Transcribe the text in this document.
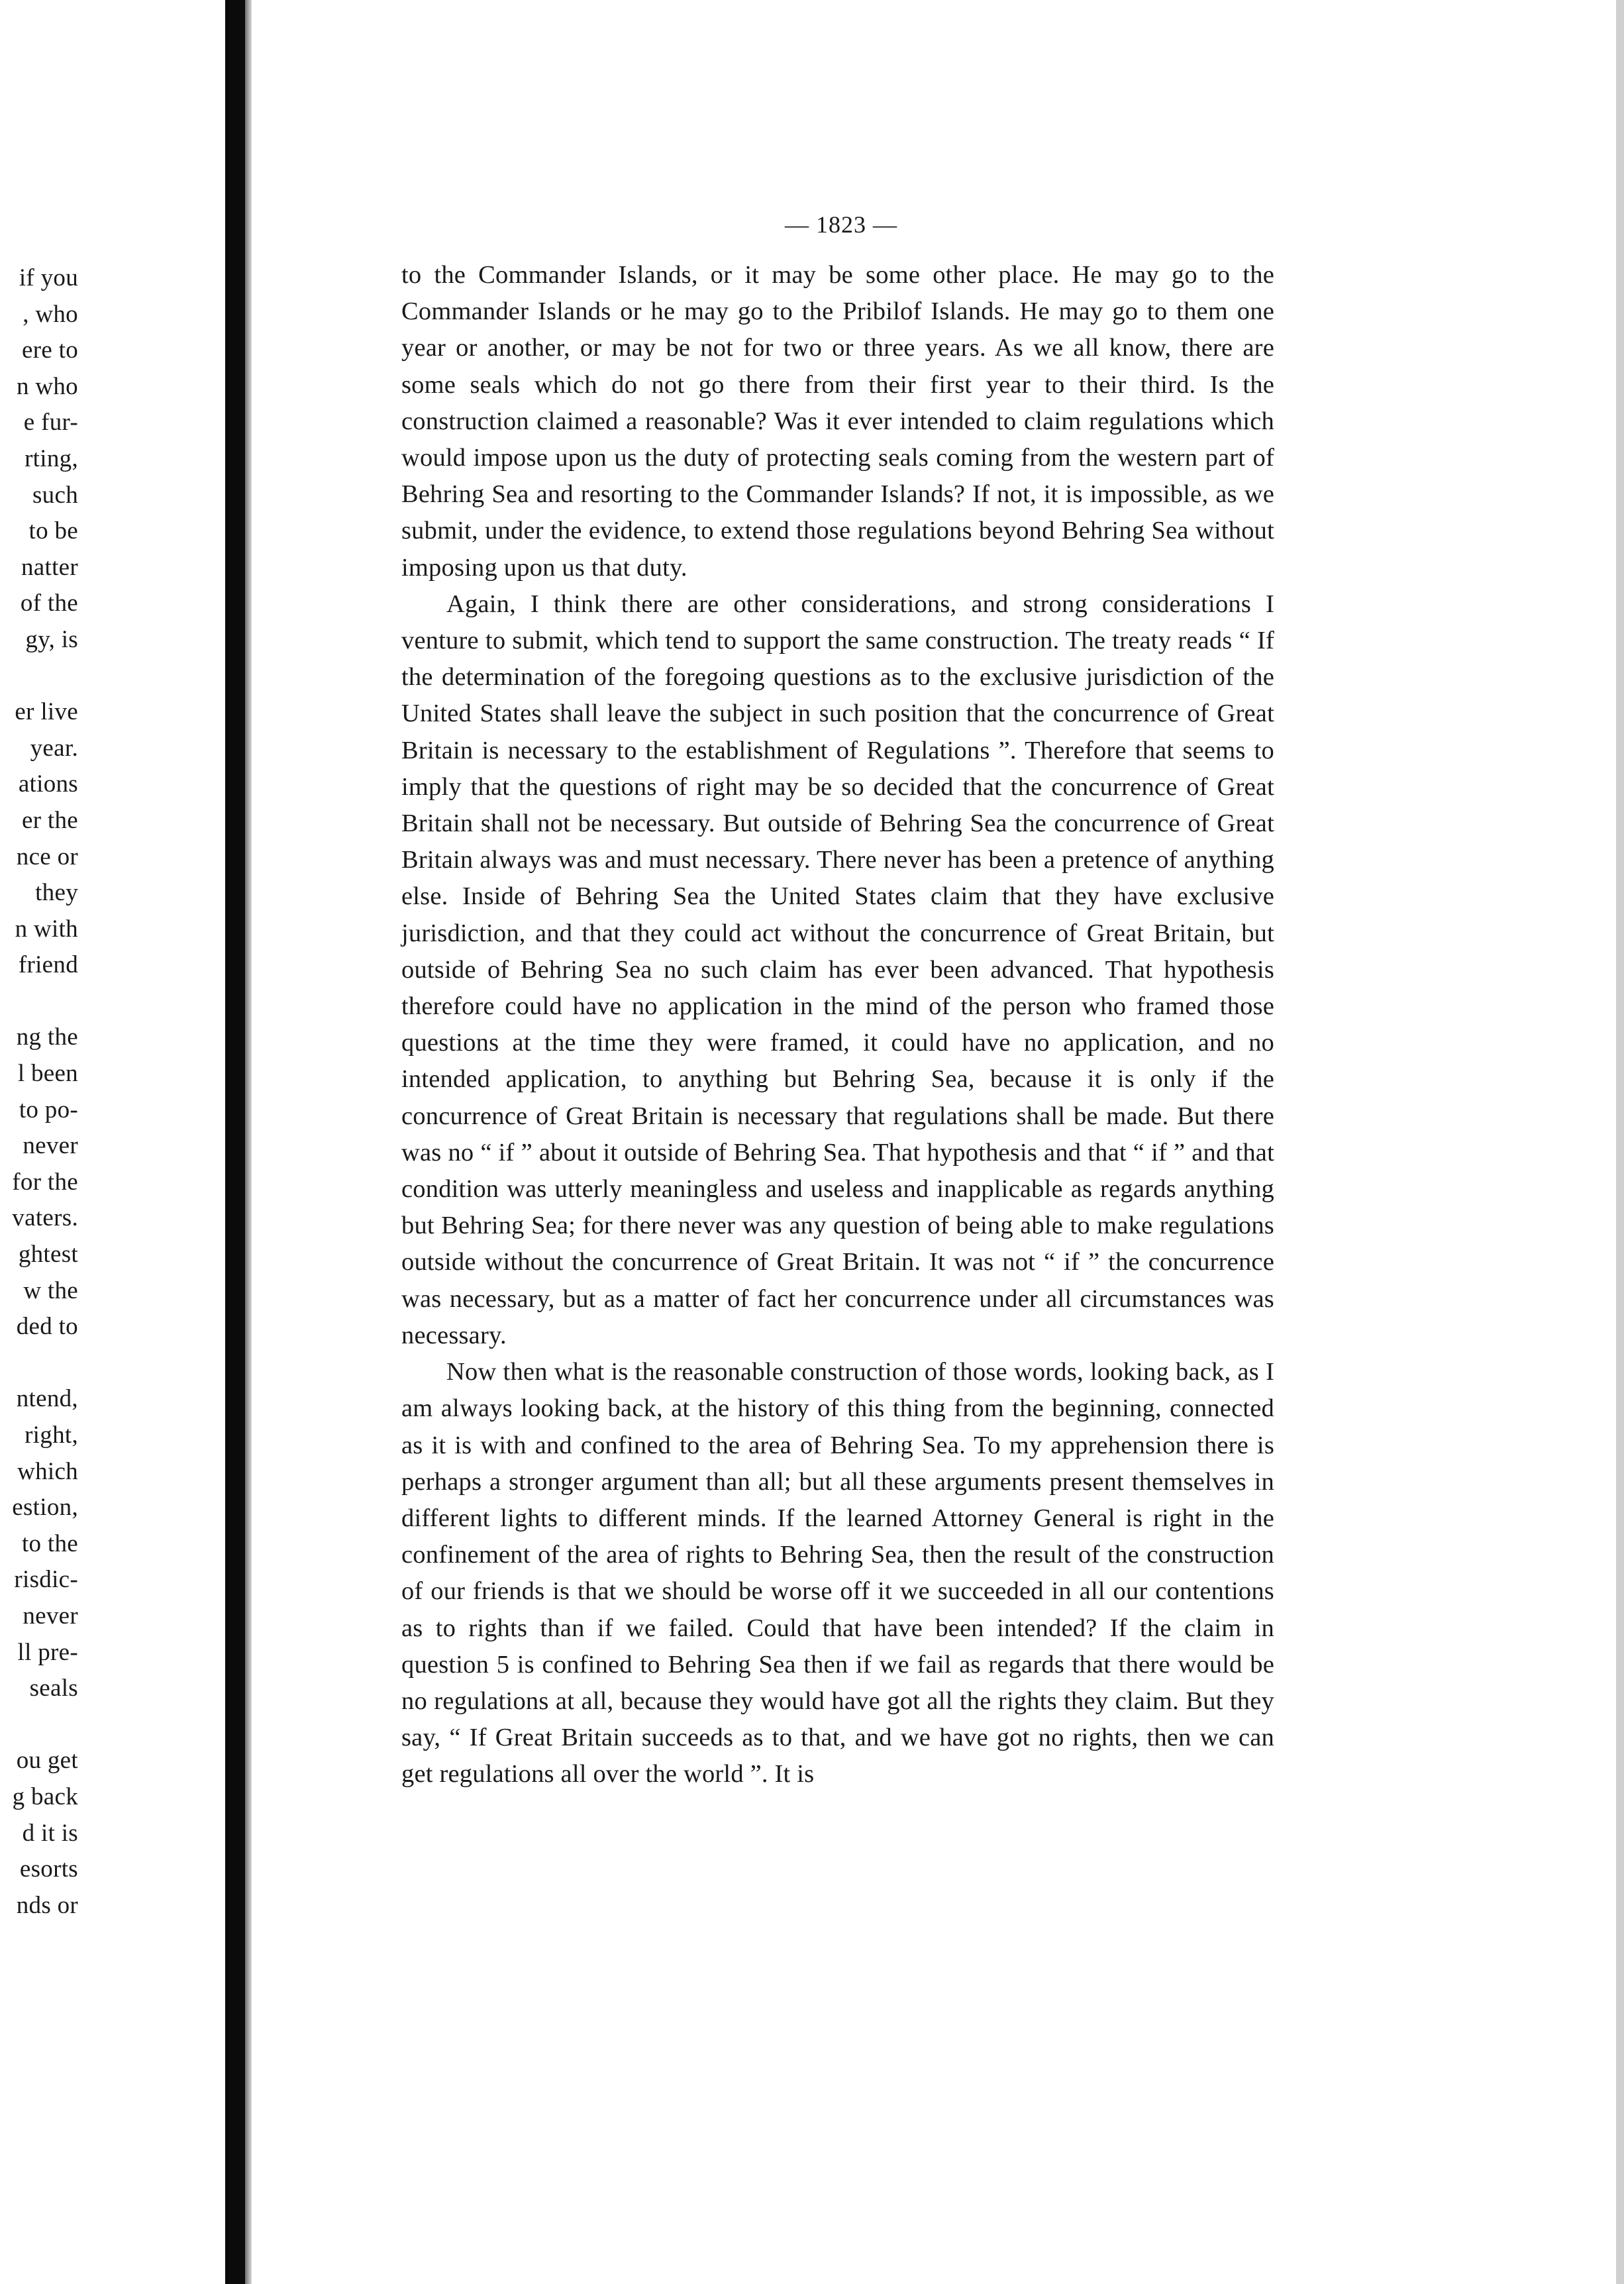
if you
, who
ere to
n who
e fur-
rting,
such
to be
natter
of the
gy, is
er live
year.
ations
er the
nce or
they
n with
friend
ng the
l been
to po-
never
for the
vaters.
ghtest
w the
ded to
ntend,
right,
which
estion,
to the
risdic-
never
ll pre-
seals
ou get
g back
d it is
esorts
nds or
— 1823 —

to the Commander Islands, or it may be some other place. He may go to the Commander Islands or he may go to the Pribilof Islands. He may go to them one year or another, or may be not for two or three years. As we all know, there are some seals which do not go there from their first year to their third. Is the construction claimed a reasonable? Was it ever intended to claim regulations which would impose upon us the duty of protecting seals coming from the western part of Behring Sea and resorting to the Commander Islands? If not, it is impossible, as we submit, under the evidence, to extend those regulations beyond Behring Sea without imposing upon us that duty.

Again, I think there are other considerations, and strong considerations I venture to submit, which tend to support the same construction. The treaty reads “ If the determination of the foregoing questions as to the exclusive jurisdiction of the United States shall leave the subject in such position that the concurrence of Great Britain is necessary to the establishment of Regulations ”. Therefore that seems to imply that the questions of right may be so decided that the concurrence of Great Britain shall not be necessary. But outside of Behring Sea the concurrence of Great Britain always was and must necessary. There never has been a pretence of anything else. Inside of Behring Sea the United States claim that they have exclusive jurisdiction, and that they could act without the concurrence of Great Britain, but outside of Behring Sea no such claim has ever been advanced. That hypothesis therefore could have no application in the mind of the person who framed those questions at the time they were framed, it could have no application, and no intended application, to anything but Behring Sea, because it is only if the concurrence of Great Britain is necessary that regulations shall be made. But there was no “ if ” about it outside of Behring Sea. That hypothesis and that “ if ” and that condition was utterly meaningless and useless and inapplicable as regards anything but Behring Sea; for there never was any question of being able to make regulations outside without the concurrence of Great Britain. It was not “ if ” the concurrence was necessary, but as a matter of fact her concurrence under all circumstances was necessary.

Now then what is the reasonable construction of those words, looking back, as I am always looking back, at the history of this thing from the beginning, connected as it is with and confined to the area of Behring Sea. To my apprehension there is perhaps a stronger argument than all; but all these arguments present themselves in different lights to different minds. If the learned Attorney General is right in the confinement of the area of rights to Behring Sea, then the result of the construction of our friends is that we should be worse off it we succeeded in all our contentions as to rights than if we failed. Could that have been intended? If the claim in question 5 is confined to Behring Sea then if we fail as regards that there would be no regulations at all, because they would have got all the rights they claim. But they say, “ If Great Britain succeeds as to that, and we have got no rights, then we can get regulations all over the world ”. It is
